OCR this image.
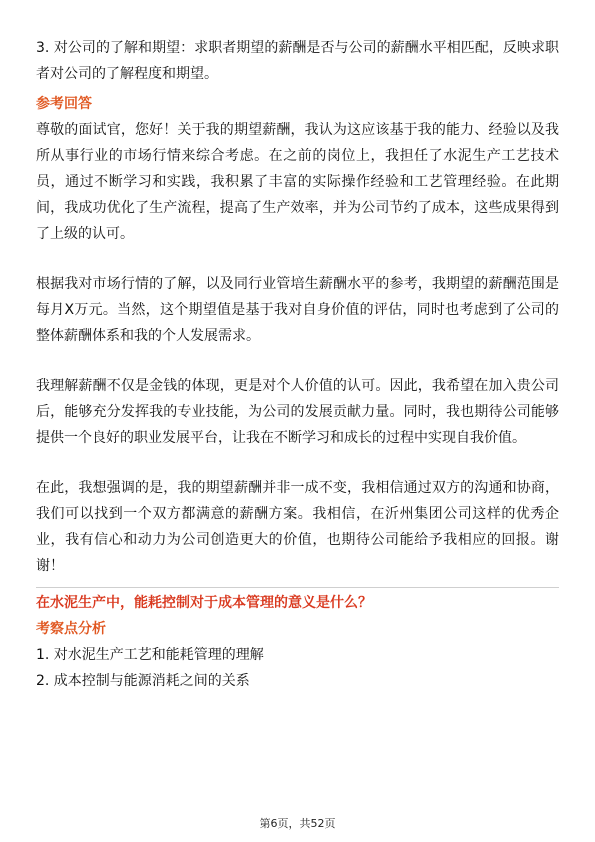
3. 对公司的了解和期望：求职者期望的薪酬是否与公司的薪酬水平相匹配，反映求职者对公司的了解程度和期望。

参考回答

尊敬的面试官，您好！关于我的期望薪酬，我认为这应该基于我的能力、经验以及我所从事行业的市场行情来综合考虑。在之前的岗位上，我担任了水泥生产工艺技术员，通过不断学习和实践，我积累了丰富的实际操作经验和工艺管理经验。在此期间，我成功优化了生产流程，提高了生产效率，并为公司节约了成本，这些成果得到了上级的认可。

根据我对市场行情的了解，以及同行业管培生薪酬水平的参考，我期望的薪酬范围是每月X万元。当然，这个期望值是基于我对自身价值的评估，同时也考虑到了公司的整体薪酬体系和我的个人发展需求。

我理解薪酬不仅是金钱的体现，更是对个人价值的认可。因此，我希望在加入贵公司后，能够充分发挥我的专业技能，为公司的发展贡献力量。同时，我也期待公司能够提供一个良好的职业发展平台，让我在不断学习和成长的过程中实现自我价值。

在此，我想强调的是，我的期望薪酬并非一成不变，我相信通过双方的沟通和协商，我们可以找到一个双方都满意的薪酬方案。我相信，在沂州集团公司这样的优秀企业，我有信心和动力为公司创造更大的价值，也期待公司能给予我相应的回报。谢谢！

在水泥生产中，能耗控制对于成本管理的意义是什么？

考察点分析

1. 对水泥生产工艺和能耗管理的理解

2. 成本控制与能源消耗之间的关系

第6页，共52页
